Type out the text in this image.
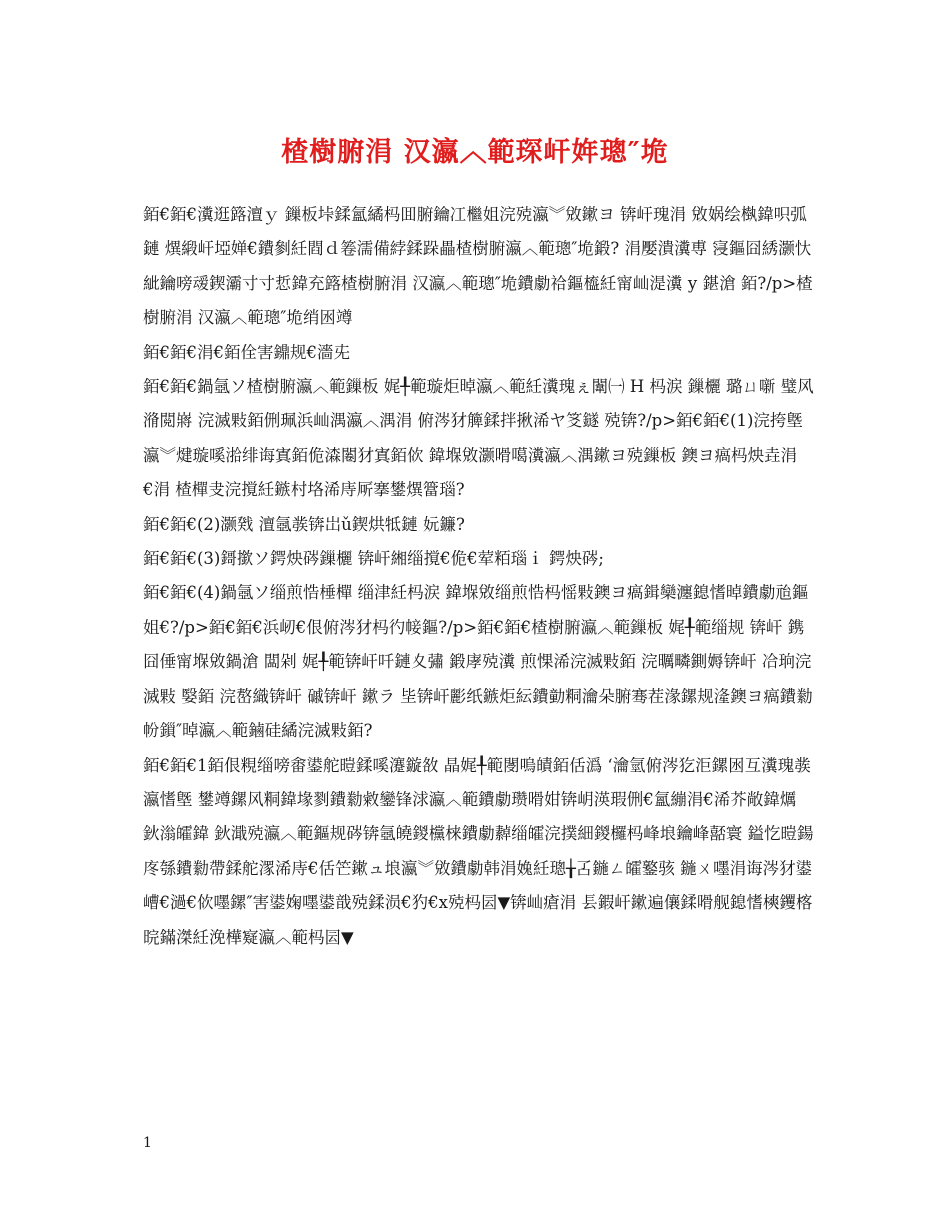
楂樹腑涓 汉瀛︿範琛屽姩璁″垝

銆€銆€瀵逛簬澶ｙ 鏁板垰鍒氳繘杩囬腑鑰冮檵姐浣殑瀛︾敓鏉ヨ 锛屽瑰涓 敓娲绘槸鍏呮弧鏈 熼緞屽埡婵€鐨剼紝閰ｄ箞濡備綍鍒跺畾楂樹腑瀛︿範璁″垝鍛? 涓嬮潰瀵尃 寖鏂囧綉灏忕紪鑰嗙叆鍥灞寸寸悊鍏充簬楂樹腑涓 汉瀛︿範璁″垝鐨勮祫鏂橀紝甯屾湜瀵 у 鍖滄 銆?/p>楂樹腑涓 汉瀛︿範璁″垝绡囦竴

銆€銆€涓€銆佺害鐤规€濇兂

銆€銆€鍋氬ソ楂樹腑瀛︿範鏁板 娓╀範璇炬晫瀛︿範紝瀵瑰ぇ闈㈠ H 杩涙 鏁欐 璐ㄩ噺 璧风潃閲嶈 浣滅敤銆侀珮浜屾湡瀛︿湡涓 俯涔犲簲鍒拌揪浠ヤ笅鐩 殑锛?/p>銆€銆€(1)浣挎墍瀛︾煡璇嗘湁绯诲寘銆佹潹闂犲寘銆佽 鍏堢敓灏嗗噶瀵瀛︿湡鏉ヨ殑鏁板 鐭ヨ瘑杩炴垚涓€涓 楂樿叏浣撹紝鏃村垎浠庤厛搴鐢熼簹瑙?

銆€銆€(2)灏戣 澶氬彂锛岀ǔ鍥烘牴鏈 妧鐮?

銆€銆€(3)鎶撳ソ鍔炴硶鏁欐 锛屽緗缁撹€佹€荤粨瑙ｉ 鍔炴硶;

銆€銆€(4)鍋氬ソ缁煎悎棰樿 缁津紝杩涙 鍏堢敓缁煎悎杩愮敤鐭ヨ瘑鍓欒瀍鎴愭晫鐨勮兘鏂姐€?/p>銆€銆€浜屻€佷俯涔犲杩彴帹鏂?/p>銆€銆€楂樹腑瀛︿範鏁板 娓╀範缁规 锛屽 鎸囧倕甯堢敓鍋滄 闆剁 娓╀範锛屽吀鏈夊彇 鍛庨殑瀵 煎惈浠浣滅敤銆 浣曞疄鍘媷锛屽 冾珦浣滅敤 嫛銆 浣嶅織锛屽 磩锛屽 鏉ラ 坒锛屽彲纸鏃炬紜鐨勭粡瀹朵腑骞茬湪鏍规湰鐭ヨ瘑鐨勬帉鎻″晫瀛︿範鏀硅繘浣滅敤銆?

銆€銆€1銆佷粯缁嗙畬鍙舵暟鍒嗘瀽鏇敋 晶娓╀範閿嗚皟銆佸潙 ‘瀹氫俯涔犵洰鏍囦互瀵瑰彂瀛愭墍 鐢竴鏍风粡鍏堟剹鐨勬敹鑾锋浗瀛︿範鐨勮瓒嗗姏锛岄渶瑕侀€氳繃涓€浠芥敞鍏爄 鈥滃皬鍏 鈥濈殑瀛︿範鏂规硶锛氬皢鍐欓梾鐨勮繛缁皬浣撲細鍐欏杩峰埌鑰峰嚭寰 鎰忔暟鍚庝綔鐨勬帶鍒舵潈浠庤€佸笀鏉ュ埌瀛︾敓鐨勮韩涓婏紝璁╁叾鍦ㄥ皬鐜骇 鍦ㄨ嚜涓诲涔犲鍙嶆€濄€佽嚜鏍″害鍙婅嚜鍙戠殑鍒涢€犳€х殑杩囩▼锛屾瘡涓 镸鍜屽鏉遍儴鍒嗗舰鎴愭樉钁楁晥鏋滐紝浼樺寲瀛︿範杩囩▼

1
